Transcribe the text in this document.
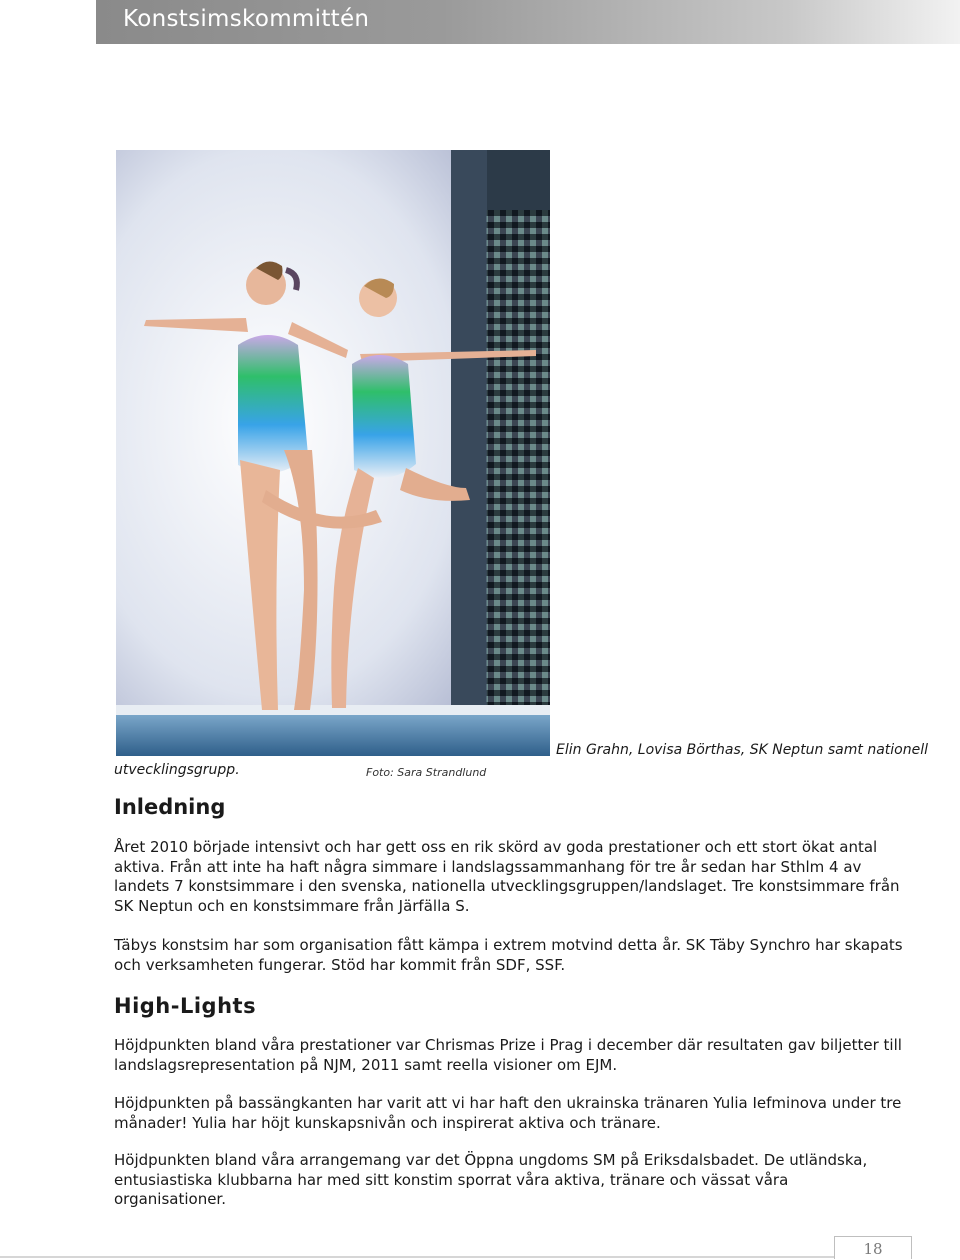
Konstsimskommittén
Elin Grahn, Lovisa Börthas, SK Neptun samt nationell
utvecklingsgrupp.	Foto: Sara Strandlund
Inledning

Året 2010 började intensivt och har gett oss en rik skörd av goda prestationer och ett stort ökat antal aktiva. Från att inte ha haft några simmare i landslagssammanhang för tre år sedan har Sthlm 4 av landets 7 konstsimmare i den svenska, nationella utvecklingsgruppen/landslaget. Tre konstsimmare från SK Neptun och en konstsimmare från Järfälla S.

Täbys konstsim har som organisation fått kämpa i extrem motvind detta år. SK Täby Synchro har skapats och verksamheten fungerar. Stöd har kommit från SDF, SSF.

High-Lights

Höjdpunkten bland våra prestationer var Chrismas Prize i Prag i december där resultaten gav biljetter till landslagsrepresentation på NJM, 2011 samt reella visioner om EJM.

Höjdpunkten på bassängkanten har varit att vi har haft den ukrainska tränaren Yulia Iefminova under tre månader! Yulia har höjt kunskapsnivån och inspirerat aktiva och tränare.

Höjdpunkten bland våra arrangemang var det Öppna ungdoms SM på Eriksdalsbadet. De utländska, entusiastiska klubbarna har med sitt konstim sporrat våra aktiva, tränare och vässat våra organisationer.

18
